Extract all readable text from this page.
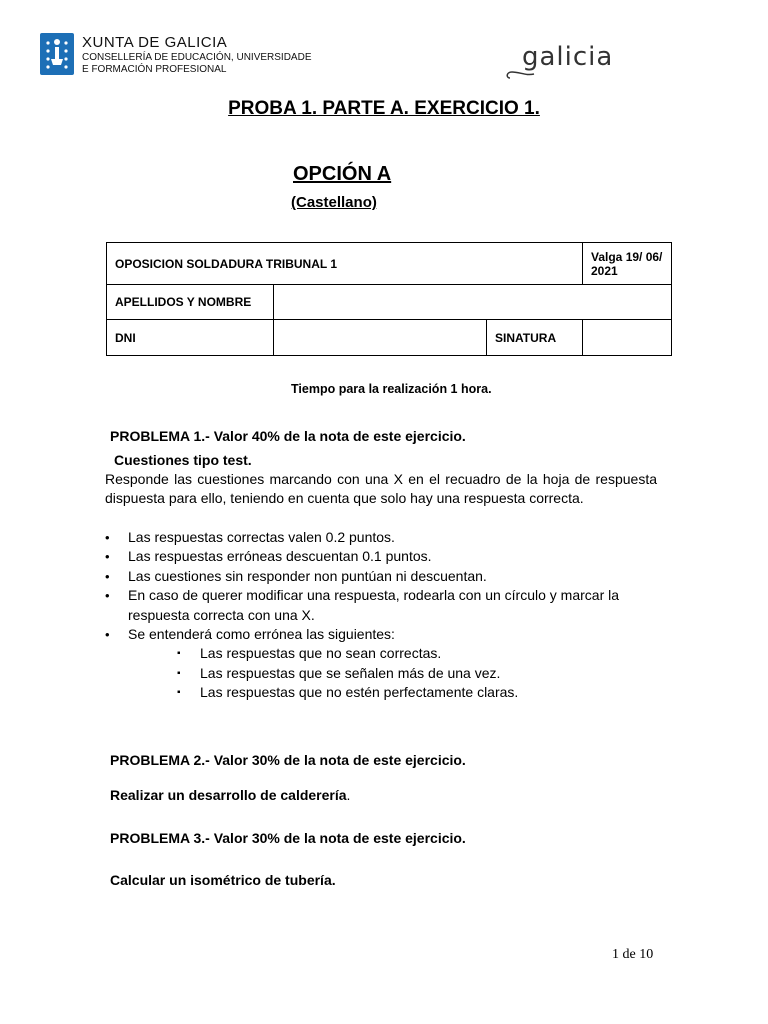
XUNTA DE GALICIA
CONSELLERÍA DE EDUCACIÓN, UNIVERSIDADE
E FORMACIÓN PROFESIONAL	galicia
PROBA 1. PARTE A. EXERCICIO 1.
OPCIÓN A
(Castellano)
OPOSICION SOLDADURA TRIBUNAL 1			Valga 19/ 06/ 2021
APELLIDOS Y NOMBRE			
DNI		SINATURA	
Tiempo para la realización 1 hora.
PROBLEMA 1.- Valor 40% de la nota de este ejercicio.
Cuestiones tipo test.
Responde las cuestiones marcando con una X en el recuadro de la hoja de respuesta dispuesta para ello, teniendo en cuenta que solo hay una respuesta correcta.
• Las respuestas correctas valen 0.2 puntos.
• Las respuestas erróneas descuentan 0.1 puntos.
• Las cuestiones sin responder non puntúan ni descuentan.
• En caso de querer modificar una respuesta, rodearla con un círculo y marcar la respuesta correcta con una X.
• Se entenderá como errónea las siguientes:
▪ Las respuestas que no sean correctas.
▪ Las respuestas que se señalen más de una vez.
▪ Las respuestas que no estén perfectamente claras.
PROBLEMA 2.- Valor 30% de la nota de este ejercicio.
Realizar un desarrollo de calderería.
PROBLEMA 3.- Valor 30% de la nota de este ejercicio.
Calcular un isométrico de tubería.
1 de 10
